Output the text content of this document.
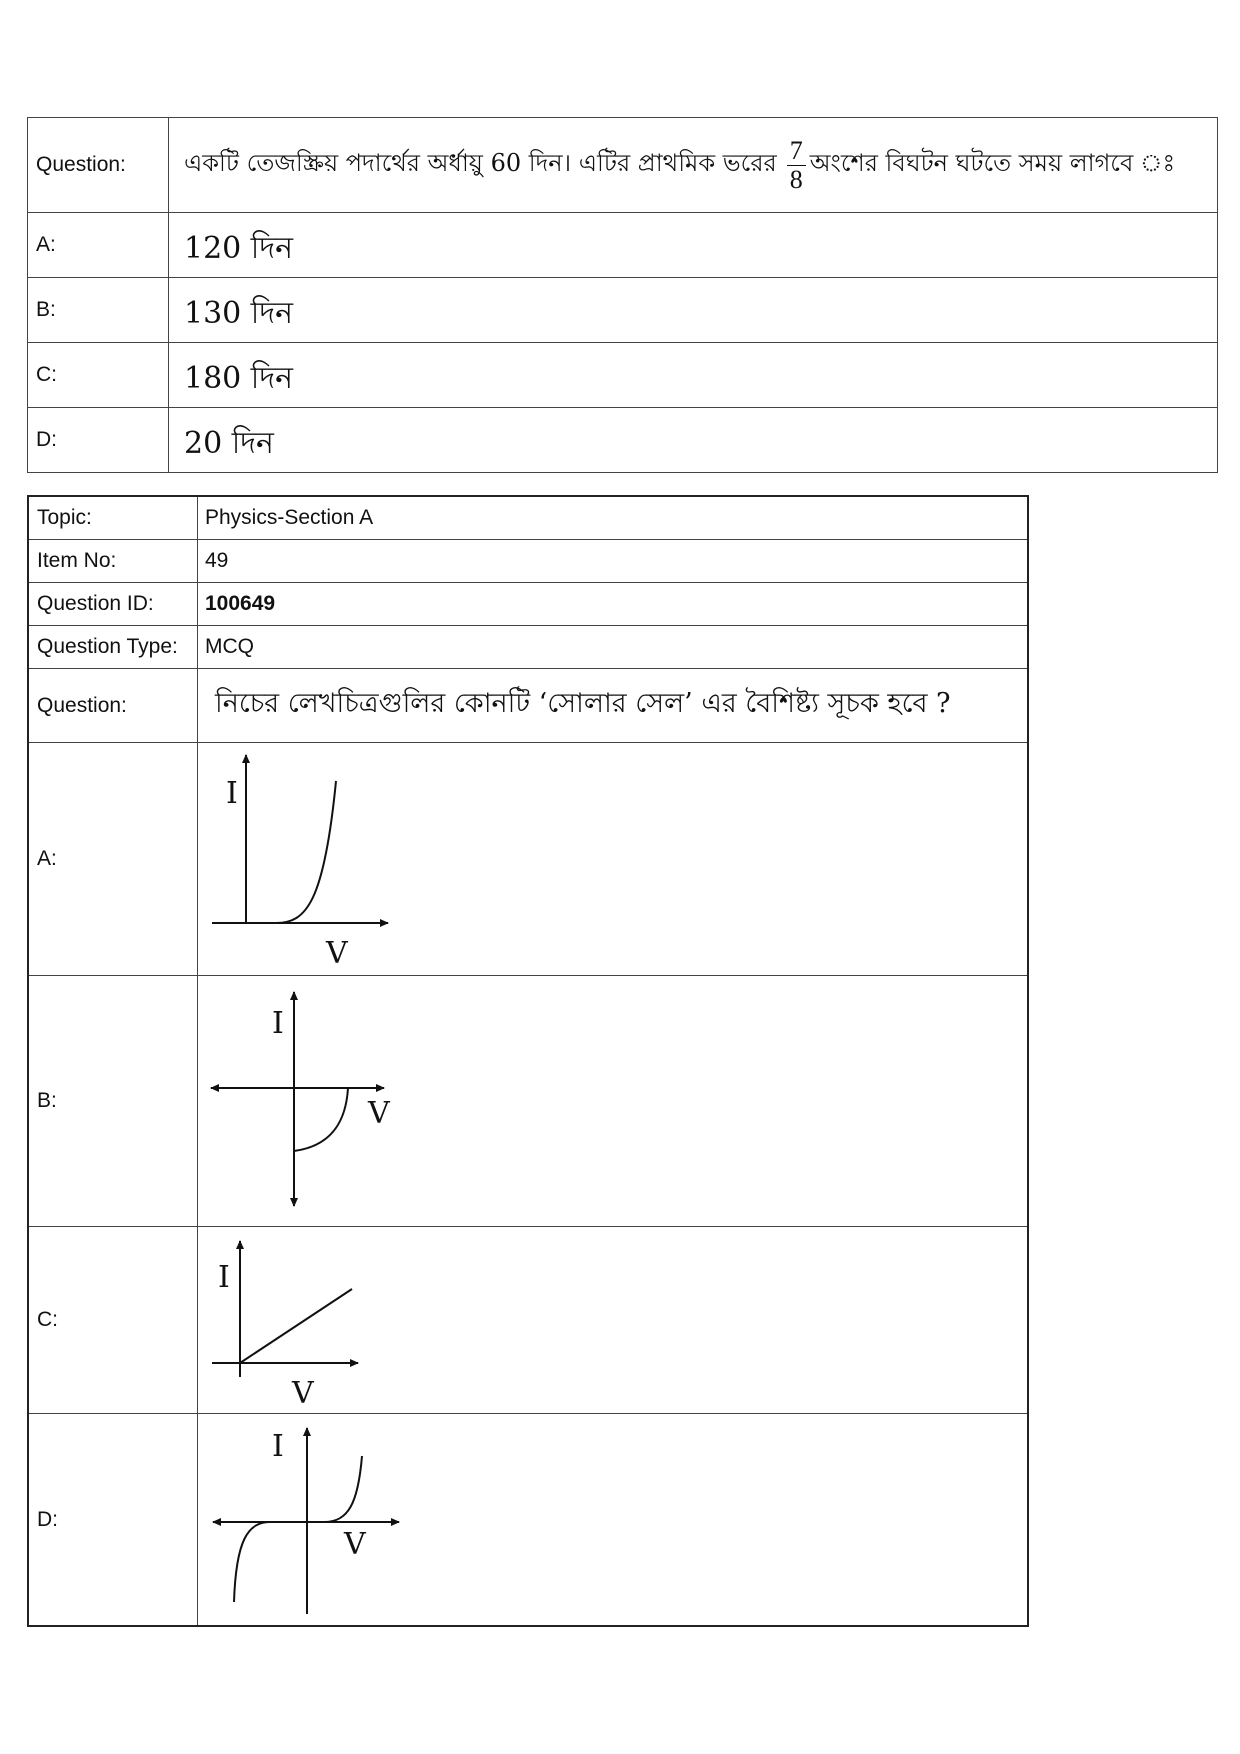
Question:	একটি তেজস্ক্রিয় পদার্থের অর্ধায়ু 60 দিন। এটির প্রাথমিক ভরের $\frac{7}{8}$ অংশের বিঘটন ঘটতে সময় লাগবে ঃ

A:	120 দিন
B:	130 দিন
C:	180 দিন
D:	20 দিন
Topic:	Physics-Section A
Item No:	49
Question ID:	100649
Question Type:	MCQ
Question:	নিচের লেখচিত্রগুলির কোনটি ‘সোলার সেল’ এর বৈশিষ্ট্য সূচক হবে ?
A:	I
V

B:	I
V

C:	I
V

D:	I
V
